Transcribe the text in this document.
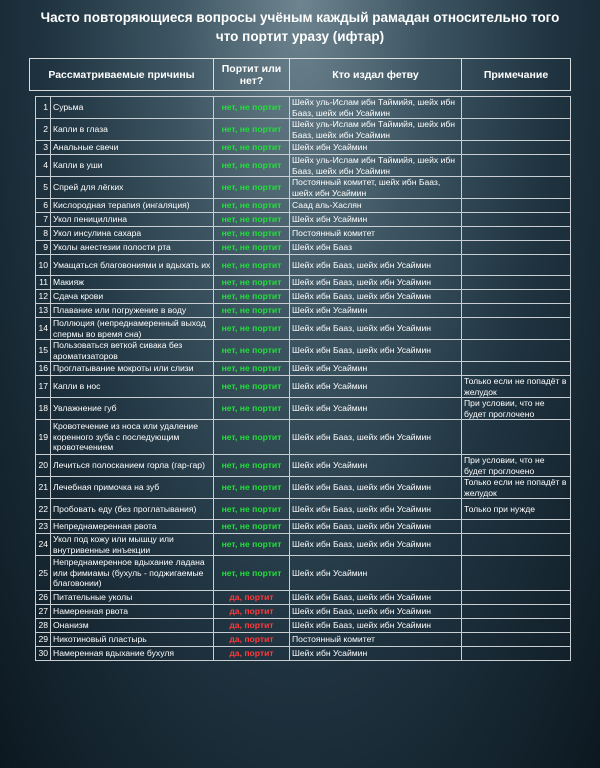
Часто повторяющиеся вопросы учёным каждый рамадан относительно того
что портит уразу (ифтар)
Рассматриваемые причины	Портит или нет?	Кто издал фетву	Примечание
1	Сурьма	нет, не портит	Шейх уль-Ислам ибн Таймийя, шейх ибн Бааз, шейх ибн Усаймин	
2	Капли в глаза	нет, не портит	Шейх уль-Ислам ибн Таймийя, шейх ибн Бааз, шейх ибн Усаймин	
3	Анальные свечи	нет, не портит	Шейх ибн Усаймин	
4	Капли в уши	нет, не портит	Шейх уль-Ислам ибн Таймийя, шейх ибн Бааз, шейх ибн Усаймин	
5	Спрей для лёгких	нет, не портит	Постоянный комитет, шейх ибн Бааз, шейх ибн Усаймин	
6	Кислородная терапия (ингаляция)	нет, не портит	Саад аль-Хаслян	
7	Укол пенициллина	нет, не портит	Шейх ибн Усаймин	
8	Укол инсулина сахара	нет, не портит	Постоянный комитет	
9	Уколы анестезии полости рта	нет, не портит	Шейх ибн Бааз	
10	Умащаться благовониями и вдыхать их	нет, не портит	Шейх ибн Бааз, шейх ибн Усаймин	
11	Макияж	нет, не портит	Шейх ибн Бааз, шейх ибн Усаймин	
12	Сдача крови	нет, не портит	Шейх ибн Бааз, шейх ибн Усаймин	
13	Плавание или погружение в воду	нет, не портит	Шейх ибн Усаймин	
14	Поллюция (непреднамеренный выход спермы во время сна)	нет, не портит	Шейх ибн Бааз, шейх ибн Усаймин	
15	Пользоваться веткой сивака без ароматизаторов	нет, не портит	Шейх ибн Бааз, шейх ибн Усаймин	
16	Проглатывание мокроты или слизи	нет, не портит	Шейх ибн Усаймин	
17	Капли в нос	нет, не портит	Шейх ибн Усаймин	Только если не попадёт в желудок
18	Увлажнение губ	нет, не портит	Шейх ибн Усаймин	При условии, что не будет проглочено
19	Кровотечение из носа или удаление коренного зуба с последующим кровотечением	нет, не портит	Шейх ибн Бааз, шейх ибн Усаймин	
20	Лечиться полосканием горла (гар-гар)	нет, не портит	Шейх ибн Усаймин	При условии, что не будет проглочено
21	Лечебная примочка на зуб	нет, не портит	Шейх ибн Бааз, шейх ибн Усаймин	Только если не попадёт в желудок
22	Пробовать еду (без проглатывания)	нет, не портит	Шейх ибн Бааз, шейх ибн Усаймин	Только при нужде
23	Непреднамеренная рвота	нет, не портит	Шейх ибн Бааз, шейх ибн Усаймин	
24	Укол под кожу или мышцу или внутривенные инъекции	нет, не портит	Шейх ибн Бааз, шейх ибн Усаймин	
25	Непреднамеренное вдыхание ладана или фимиамы (бухуль - поджигаемые благовонии)	нет, не портит	Шейх ибн Усаймин	
26	Питательные уколы	да, портит	Шейх ибн Бааз, шейх ибн Усаймин	
27	Намеренная рвота	да, портит	Шейх ибн Бааз, шейх ибн Усаймин	
28	Онанизм	да, портит	Шейх ибн Бааз, шейх ибн Усаймин	
29	Никотиновый пластырь	да, портит	Постоянный комитет	
30	Намеренная вдыхание бухуля	да, портит	Шейх ибн Усаймин	
